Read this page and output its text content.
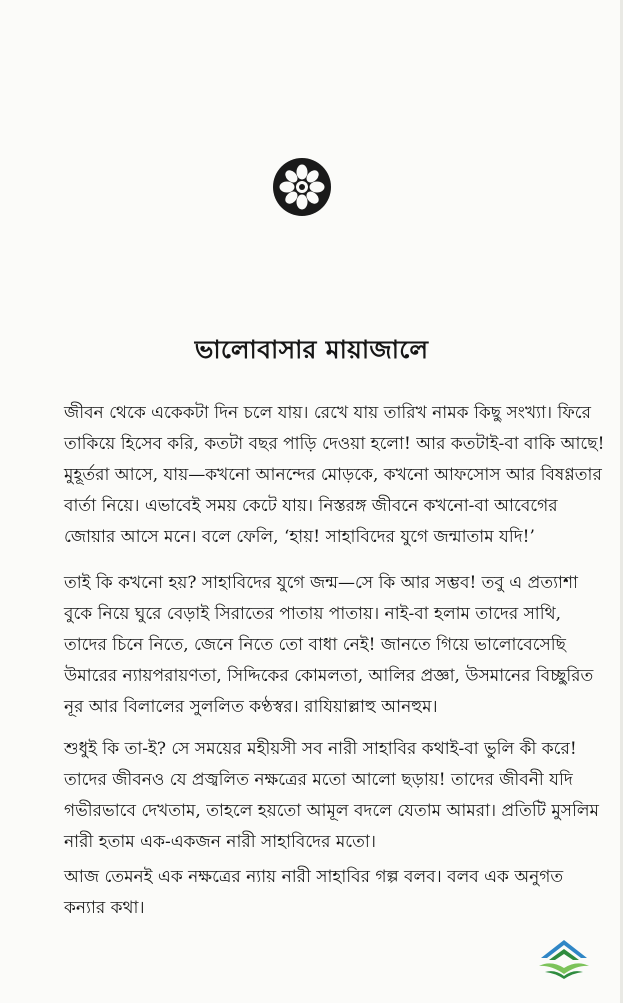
ভালোবাসার মায়াজালে
জীবন থেকে একেকটা দিন চলে যায়। রেখে যায় তারিখ নামক কিছু সংখ্যা। ফিরে
তাকিয়ে হিসেব করি, কতটা বছর পাড়ি দেওয়া হলো! আর কতটাই-বা বাকি আছে!
মুহূর্তরা আসে, যায়—কখনো আনন্দের মোড়কে, কখনো আফসোস আর বিষণ্ণতার
বার্তা নিয়ে। এভাবেই সময় কেটে যায়। নিস্তরঙ্গ জীবনে কখনো-বা আবেগের
জোয়ার আসে মনে। বলে ফেলি, ‘হায়! সাহাবিদের যুগে জন্মাতাম যদি!’
তাই কি কখনো হয়? সাহাবিদের যুগে জন্ম—সে কি আর সম্ভব! তবু এ প্রত্যাশা
বুকে নিয়ে ঘুরে বেড়াই সিরাতের পাতায় পাতায়। নাই-বা হলাম তাদের সাথি,
তাদের চিনে নিতে, জেনে নিতে তো বাধা নেই! জানতে গিয়ে ভালোবেসেছি
উমারের ন্যায়পরায়ণতা, সিদ্দিকের কোমলতা, আলির প্রজ্ঞা, উসমানের বিচ্ছুরিত
নূর আর বিলালের সুললিত কণ্ঠস্বর। রাযিয়াল্লাহু আনহুম।
শুধুই কি তা-ই? সে সময়ের মহীয়সী সব নারী সাহাবির কথাই-বা ভুলি কী করে!
তাদের জীবনও যে প্রজ্বলিত নক্ষত্রের মতো আলো ছড়ায়! তাদের জীবনী যদি
গভীরভাবে দেখতাম, তাহলে হয়তো আমূল বদলে যেতাম আমরা। প্রতিটি মুসলিম
নারী হতাম এক-একজন নারী সাহাবিদের মতো।
আজ তেমনই এক নক্ষত্রের ন্যায় নারী সাহাবির গল্প বলব। বলব এক অনুগত
কন্যার কথা।
